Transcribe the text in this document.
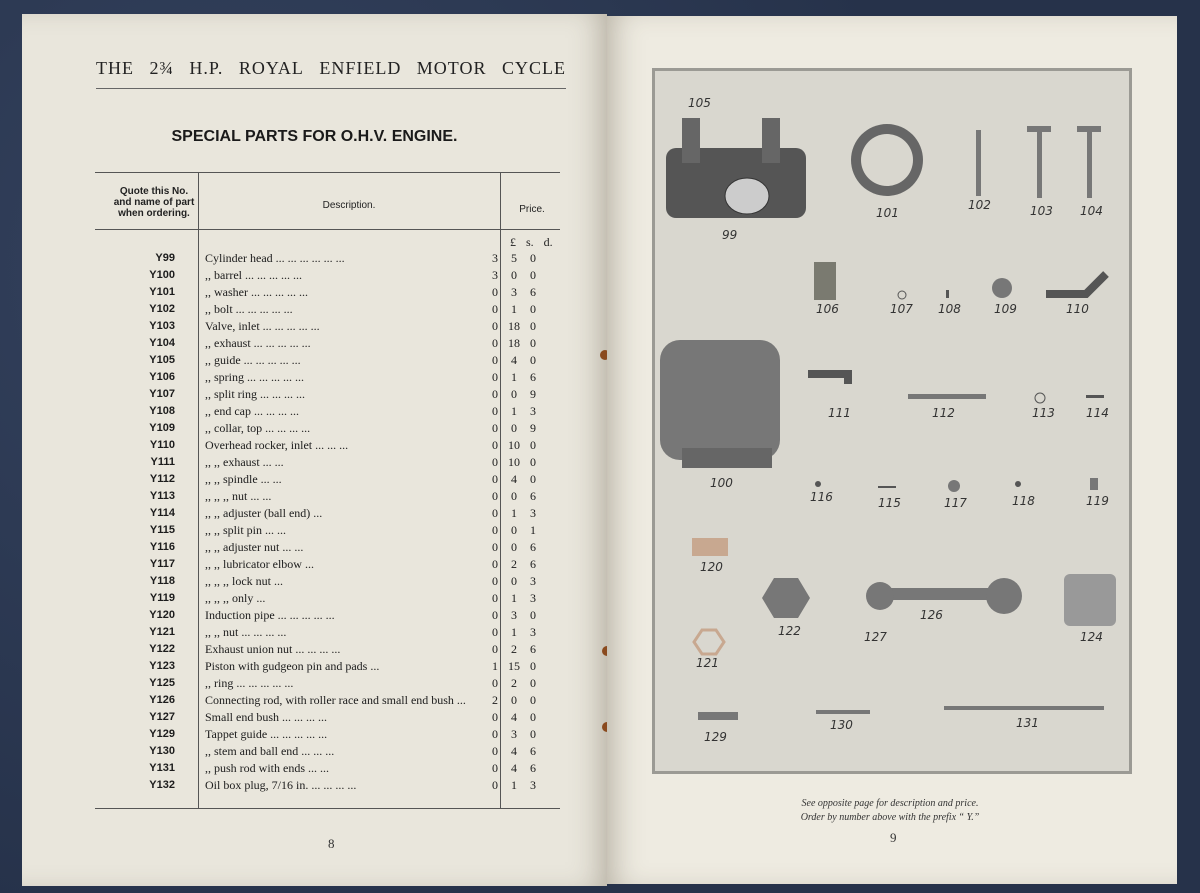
THE 2¾ H.P. ROYAL ENFIELD MOTOR CYCLE
SPECIAL PARTS FOR O.H.V. ENGINE.
Quote this No. and name of part when ordering.
Description.	Price.
£ s. d.
Y99	Cylinder head ... ... ... ... ... ...	3	5	0
Y100	,, barrel ... ... ... ... ...	3	0	0
Y101	,, washer ... ... ... ... ...	0	3	6
Y102	,, bolt ... ... ... ... ...	0	1	0
Y103	Valve, inlet ... ... ... ... ...	0 18 0
Y104	,, exhaust ... ... ... ... ...	0 18 0
Y105	,, guide ... ... ... ... ...	0	4	0
Y106	,, spring ... ... ... ... ...	0	1	6
Y107	,, split ring ... ... ... ...	0	0	9
Y108	,, end cap ... ... ... ...	0	1	3
Y109	,, collar, top ... ... ... ...	0	0	9
Y110	Overhead rocker, inlet ... ... ...	0 10 0
Y111	,, ,, exhaust ... ...	0 10 0
Y112	,, ,, spindle ... ...	0	4	0
Y113	,, ,, ,, nut ... ...	0	0	6
Y114	,, ,, adjuster (ball end) ...	0	1	3
Y115	,, ,, split pin ... ...	0	0	1
Y116	,, ,, adjuster nut ... ...	0	0	6
Y117	,, ,, lubricator elbow ...	0	2	6
Y118	,, ,, ,, lock nut ...	0	0	3
Y119	,, ,, ,, only ...	0	1	3
Y120	Induction pipe ... ... ... ... ...	0	3	0
Y121	,, ,, nut ... ... ... ...	0	1	3
Y122	Exhaust union nut ... ... ... ...	0	2	6
Y123	Piston with gudgeon pin and pads ...	1 15 0
Y125	,, ring ... ... ... ... ...	0	2	0
Y126	Connecting rod, with roller race and small end bush ...	2	0	0
Y127	Small end bush ... ... ... ...	0	4	0
Y129	Tappet guide ... ... ... ... ...	0	3	0
Y130	,, stem and ball end ... ... ...	0	4	6
Y131	,, push rod with ends ... ...	0	4	6
Y132	Oil box plug, 7/16 in. ... ... ... ...	0	1	3
8
105
99
101
102	103 104
106	107 108	109	110
100
111	112	113	114
116	115	117	118	119
120
122	127
126
124
121
129
130	131
See opposite page for description and price.
Order by number above with the prefix “ Y.”
9
